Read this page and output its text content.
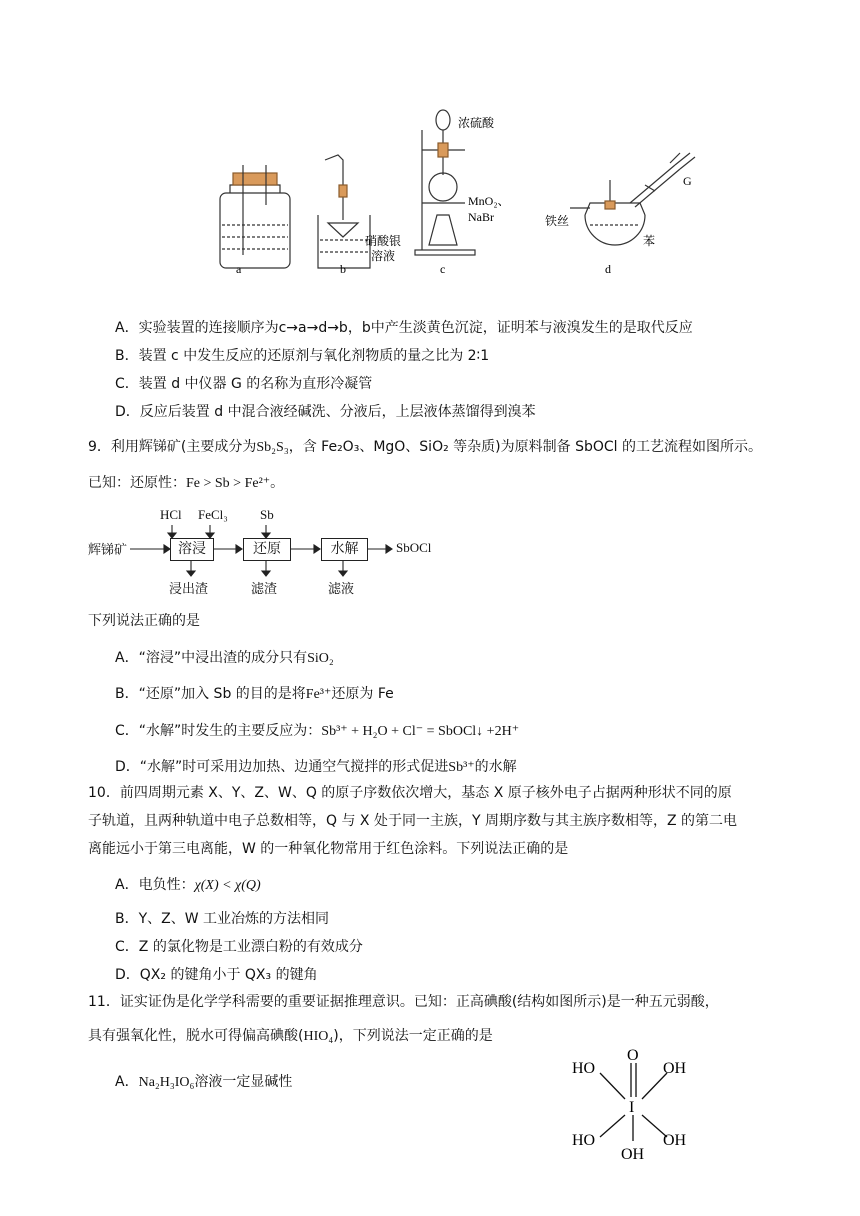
a	b	c	d
硝酸银
溶液
浓硫酸
MnO₂、
NaBr	铁丝
苯
G
A．实验装置的连接顺序为c→a→d→b，b中产生淡黄色沉淀，证明苯与液溴发生的是取代反应
B．装置 c 中发生反应的还原剂与氧化剂物质的量之比为 2∶1
C．装置 d 中仪器 G 的名称为直形冷凝管
D．反应后装置 d 中混合液经碱洗、分液后，上层液体蒸馏得到溴苯
9．利用辉锑矿(主要成分为Sb₂S₃，含 Fe₂O₃、MgO、SiO₂ 等杂质)为原料制备 SbOCl 的工艺流程如图所示。
已知：还原性：Fe > Sb > Fe²⁺。
辉锑矿
HCl FeCl₃ Sb
溶浸	还原	水解	SbOCl
浸出渣	滤渣	滤液
下列说法正确的是
A．“溶浸”中浸出渣的成分只有SiO₂
B．“还原”加入 Sb 的目的是将Fe³⁺还原为 Fe
C．“水解”时发生的主要反应为：Sb³⁺ + H₂O + Cl⁻ = SbOCl↓ +2H⁺
D．“水解”时可采用边加热、边通空气搅拌的形式促进Sb³⁺的水解
10．前四周期元素 X、Y、Z、W、Q 的原子序数依次增大，基态 X 原子核外电子占据两种形状不同的原
子轨道，且两种轨道中电子总数相等，Q 与 X 处于同一主族，Y 周期序数与其主族序数相等，Z 的第二电
离能远小于第三电离能，W 的一种氧化物常用于红色涂料。下列说法正确的是
A．电负性：χ(X) < χ(Q)
B．Y、Z、W 工业冶炼的方法相同
C．Z 的氯化物是工业漂白粉的有效成分
D．QX₂ 的键角小于 QX₃ 的键角
11．证实证伪是化学学科需要的重要证据推理意识。已知：正高碘酸(结构如图所示)是一种五元弱酸，
具有强氧化性，脱水可得偏高碘酸(HIO₄)，下列说法一定正确的是
A．Na₂H₃IO₆溶液一定显碱性
O
HO	OH
I
HO	OH
OH
